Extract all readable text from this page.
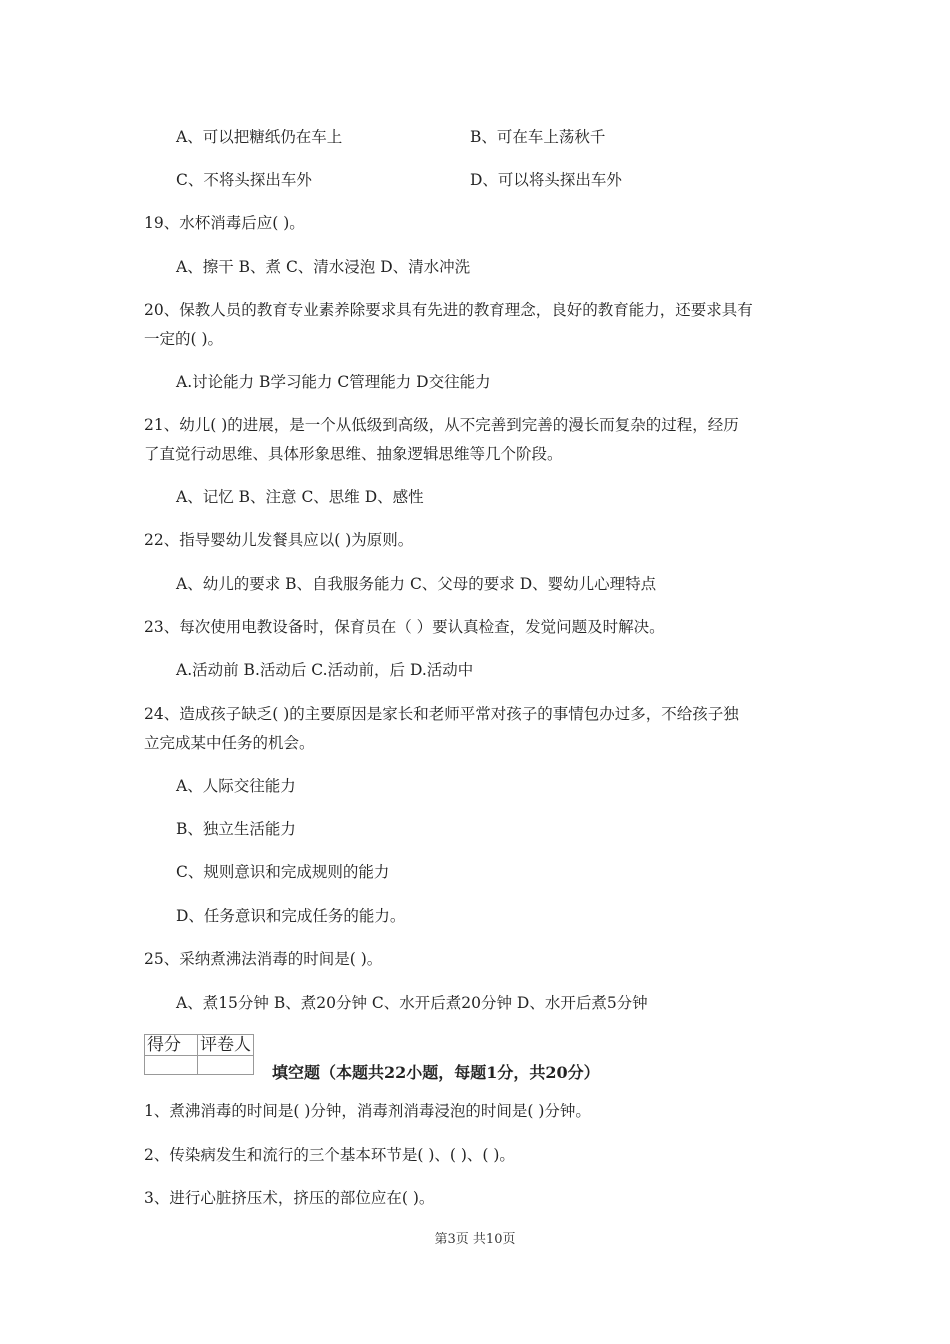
A、可以把糖纸仍在车上	B、可在车上荡秋千
C、不将头探出车外	D、可以将头探出车外
19、水杯消毒后应( )。
A、擦干 B、煮 C、清水浸泡 D、清水冲洗
20、保教人员的教育专业素养除要求具有先进的教育理念，良好的教育能力，还要求具有
一定的( )。
A.讨论能力 B学习能力 C管理能力 D交往能力
21、幼儿( )的进展，是一个从低级到高级，从不完善到完善的漫长而复杂的过程，经历
了直觉行动思维、具体形象思维、抽象逻辑思维等几个阶段。
A、记忆 B、注意 C、思维 D、感性
22、指导婴幼儿发餐具应以( )为原则。
A、幼儿的要求 B、自我服务能力 C、父母的要求 D、婴幼儿心理特点
23、每次使用电教设备时，保育员在（ ）要认真检查，发觉问题及时解决。
A.活动前 B.活动后 C.活动前，后 D.活动中
24、造成孩子缺乏( )的主要原因是家长和老师平常对孩子的事情包办过多，不给孩子独
立完成某中任务的机会。
A、人际交往能力
B、独立生活能力
C、规则意识和完成规则的能力
D、任务意识和完成任务的能力。
25、采纳煮沸法消毒的时间是( )。
A、煮15分钟 B、煮20分钟 C、水开后煮20分钟 D、水开后煮5分钟
得分	评卷人

填空题（本题共22小题，每题1分，共20分）
1、煮沸消毒的时间是( )分钟，消毒剂消毒浸泡的时间是( )分钟。
2、传染病发生和流行的三个基本环节是( )、( )、( )。
3、进行心脏挤压术，挤压的部位应在( )。
第3页 共10页
